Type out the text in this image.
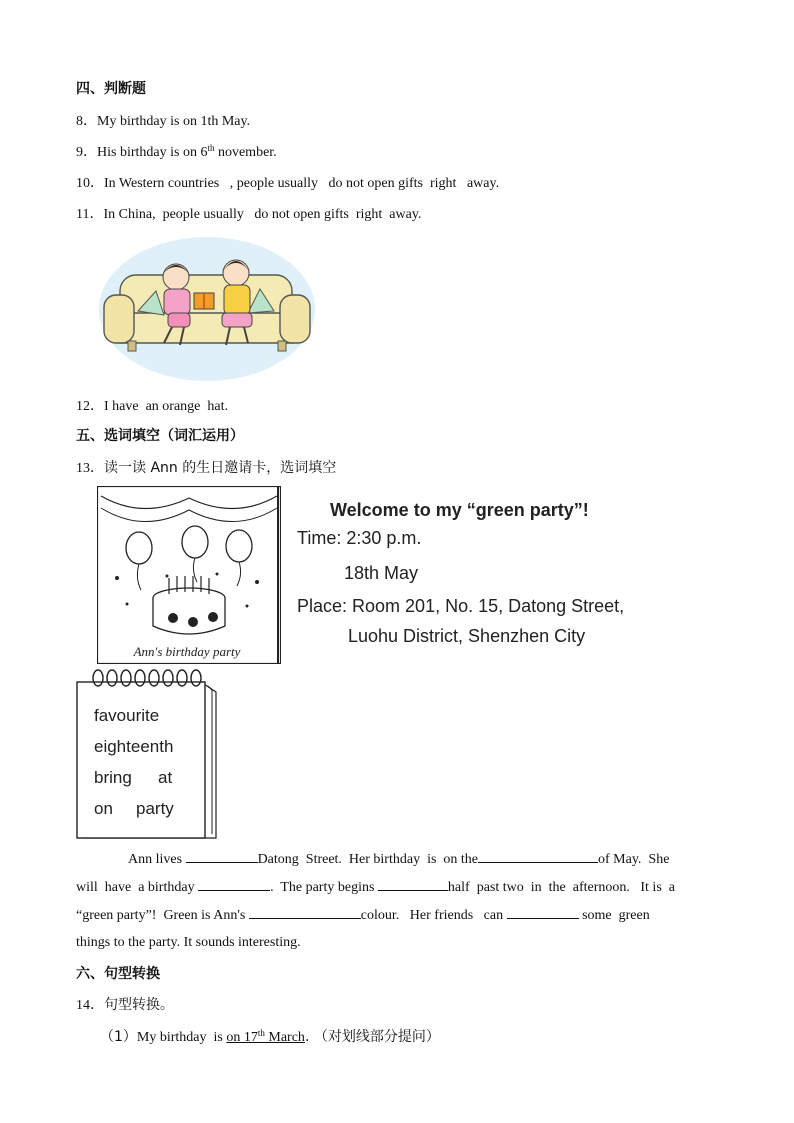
四、判断题
8．My birthday is on 1th May.
9．His birthday is on 6th november.
10．In Western countries   , people usually   do not open gifts  right   away.
11．In China,  people usually   do not open gifts  right  away.
12．I have  an orange  hat.
五、选词填空（词汇运用）
13．读一读 Ann 的生日邀请卡，选词填空
Ann's birthday party
Welcome to my “green party”!
Time: 2:30 p.m.
18th May
Place: Room 201, No. 15, Datong Street,
Luohu District, Shenzhen City
favourite
eighteenth
bring at
on party
Ann lives	Datong  Street.  Her birthday  is  on the	of May.  She
will  have  a birthday	.  The party begins	half  past two  in  the  afternoon.   It is  a
“green party”!  Green is Ann's	colour.   Her friends   can	some  green
things to the party. It sounds interesting.
六、句型转换
14．句型转换。
（1）My birthday  is on 17th March. （对划线部分提问）
